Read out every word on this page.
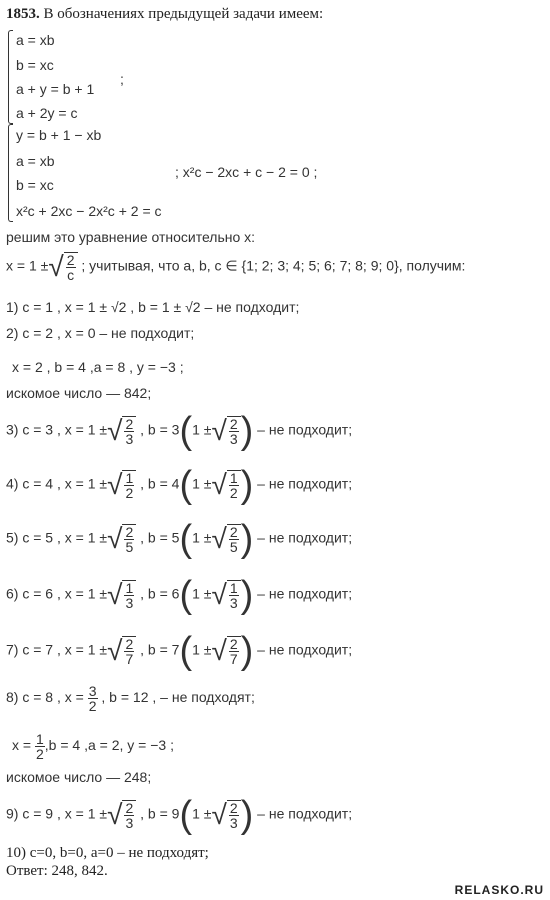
1853. В обозначениях предыдущей задачи имеем:
a = xb
b = xc
a + y = b + 1
a + 2y = c
;
y = b + 1 − xb
a = xb
b = xc
x²c + 2xc − 2x²c + 2 = c
; x²c − 2xc + c − 2 = 0 ;
решим это уравнение относительно x:
x = 1 ±√ $\frac{2}{c}$ ; учитывая, что a, b, c ∈ {1; 2; 3; 4; 5; 6; 7; 8; 9; 0}, получим:
1) c = 1 , x = 1 ± √2 , b = 1 ± √2 – не подходит;
2) c = 2 , x = 0 – не подходит;
x = 2 , b = 4 ,a = 8 , y = −3 ;
искомое число — 842;
3) c = 3 , x = 1 ±√ $\frac{2}{3}$ , b = 3(1 ±√ $\frac{2}{3}$ ) – не подходит;
4) c = 4 , x = 1 ±√ $\frac{1}{2}$ , b = 4(1 ±√ $\frac{1}{2}$ ) – не подходит;
5) c = 5 , x = 1 ±√ $\frac{2}{5}$ , b = 5(1 ±√ $\frac{2}{5}$ ) – не подходит;
6) c = 6 , x = 1 ±√ $\frac{1}{3}$ , b = 6(1 ±√ $\frac{1}{3}$ ) – не подходит;
7) c = 7 , x = 1 ±√ $\frac{2}{7}$ , b = 7(1 ±√ $\frac{2}{7}$ ) – не подходит;
8) c = 8 , $x = \frac{3}{2}$ , b = 12 , – не подходят;
$x = \frac{1}{2} ,b = 4$ ,a = 2, y = −3 ;
искомое число — 248;
9) c = 9 , x = 1 ±√ $\frac{2}{3}$ , b = 9(1 ±√ $\frac{2}{3}$ ) – не подходит;
10) c=0, b=0, a=0 – не подходят;
Ответ: 248, 842.
RELASKO.RU
